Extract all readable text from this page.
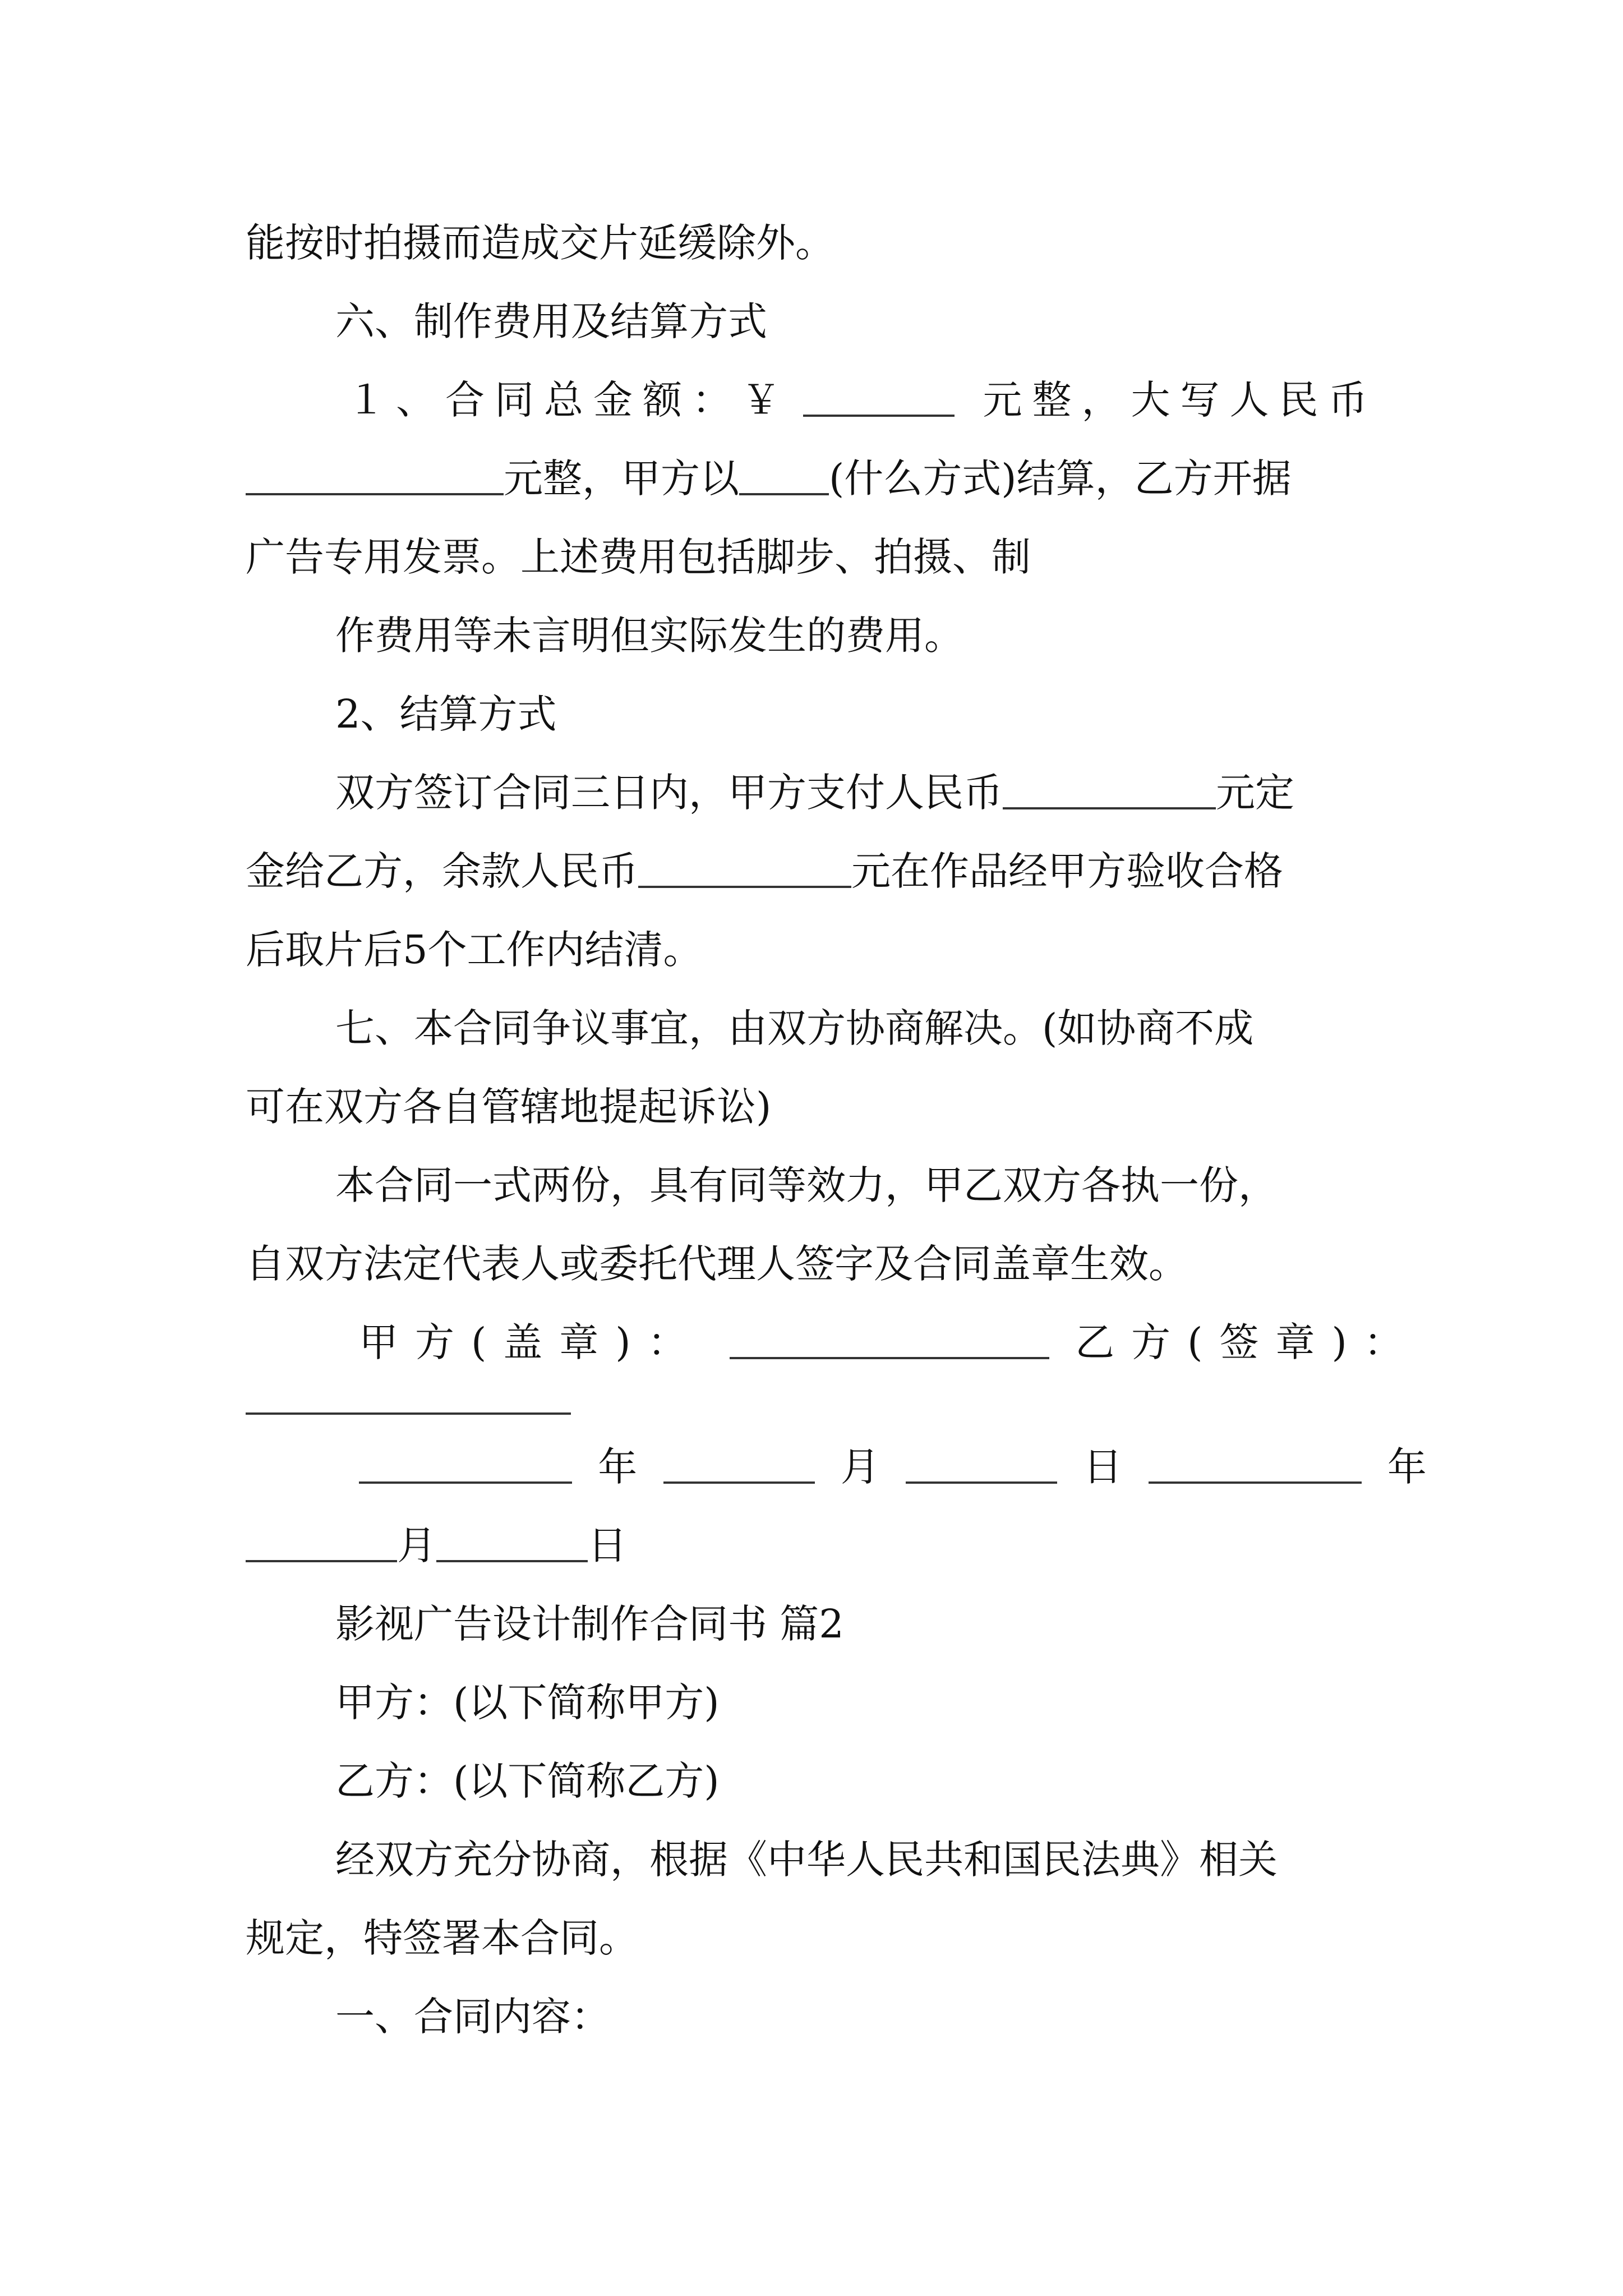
能按时拍摄而造成交片延缓除外。
六、制作费用及结算方式
１、合同总金额：￥	元整，大写人民币
元整，甲方以 (什么方式)结算，乙方开据
广告专用发票。上述费用包括脚步、拍摄、制
作费用等未言明但实际发生的费用。
2、结算方式
双方签订合同三日内，甲方支付人民币	元定
金给乙方，余款人民币	元在作品经甲方验收合格
后取片后5个工作内结清。
七、本合同争议事宜，由双方协商解决。(如协商不成
可在双方各自管辖地提起诉讼)
本合同一式两份，具有同等效力，甲乙双方各执一份，
自双方法定代表人或委托代理人签字及合同盖章生效。
甲方(盖章)：	乙方(签章)：
年	月	日	年
月	日
影视广告设计制作合同书 篇2
甲方：(以下简称甲方)
乙方：(以下简称乙方)
经双方充分协商，根据《中华人民共和国民法典》相关
规定，特签署本合同。
一、合同内容：
